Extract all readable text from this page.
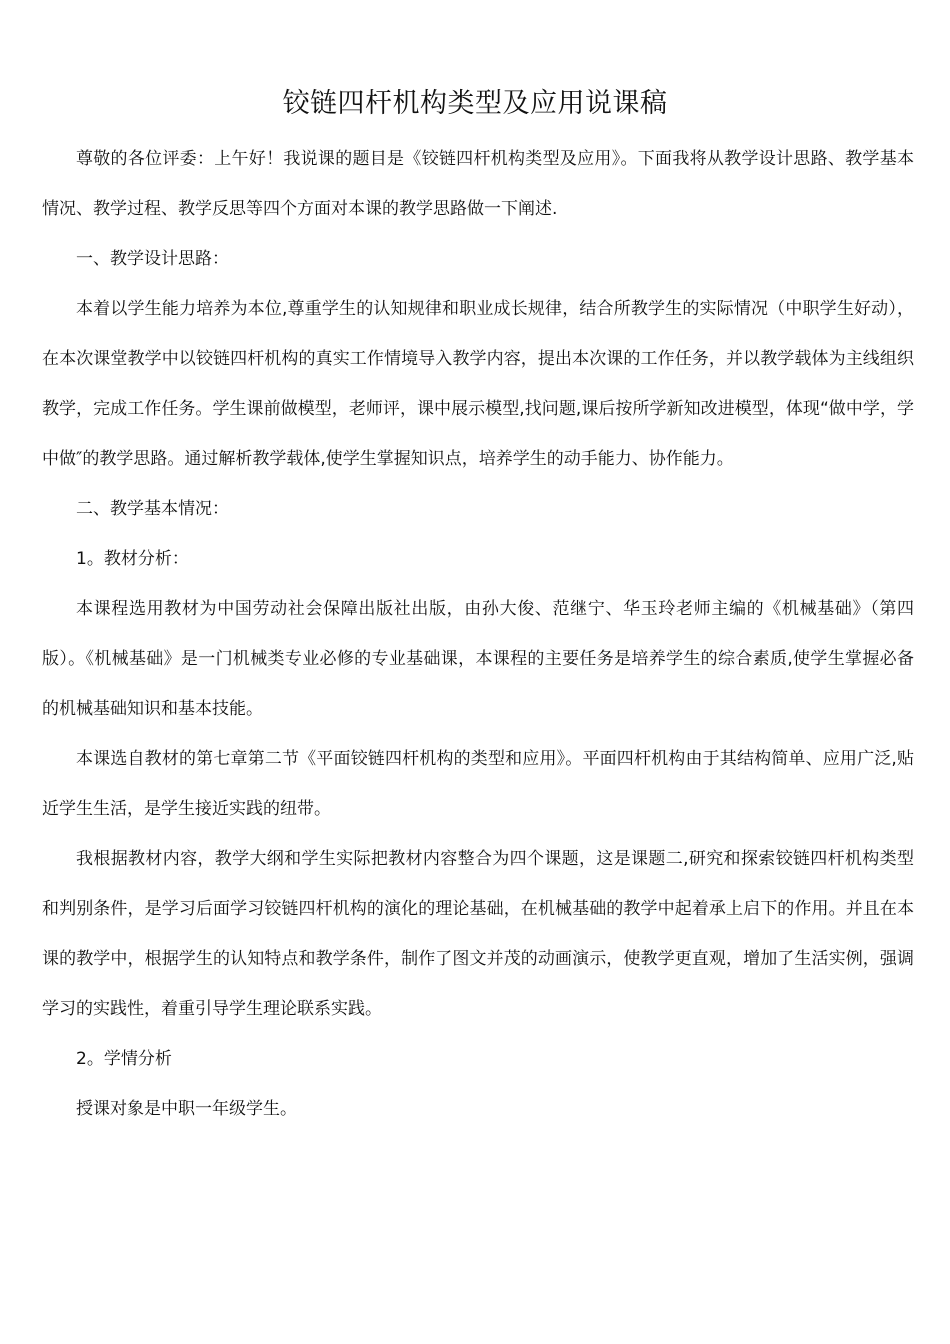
铰链四杆机构类型及应用说课稿

尊敬的各位评委：上午好！我说课的题目是《铰链四杆机构类型及应用》。下面我将从教学设计思路、教学基本情况、教学过程、教学反思等四个方面对本课的教学思路做一下阐述.

一、教学设计思路：

本着以学生能力培养为本位,尊重学生的认知规律和职业成长规律，结合所教学生的实际情况（中职学生好动），在本次课堂教学中以铰链四杆机构的真实工作情境导入教学内容，提出本次课的工作任务，并以教学载体为主线组织教学，完成工作任务。学生课前做模型，老师评，课中展示模型,找问题,课后按所学新知改进模型，体现“做中学，学中做″的教学思路。通过解析教学载体,使学生掌握知识点，培养学生的动手能力、协作能力。

二、教学基本情况：

1。教材分析：

本课程选用教材为中国劳动社会保障出版社出版，由孙大俊、范继宁、华玉玲老师主编的《机械基础》（第四版）。《机械基础》是一门机械类专业必修的专业基础课，本课程的主要任务是培养学生的综合素质,使学生掌握必备的机械基础知识和基本技能。

本课选自教材的第七章第二节《平面铰链四杆机构的类型和应用》。平面四杆机构由于其结构简单、应用广泛,贴近学生生活，是学生接近实践的纽带。

我根据教材内容，教学大纲和学生实际把教材内容整合为四个课题，这是课题二,研究和探索铰链四杆机构类型和判别条件，是学习后面学习铰链四杆机构的演化的理论基础，在机械基础的教学中起着承上启下的作用。并且在本课的教学中，根据学生的认知特点和教学条件，制作了图文并茂的动画演示，使教学更直观，增加了生活实例，强调学习的实践性，着重引导学生理论联系实践。

2。学情分析

授课对象是中职一年级学生。
